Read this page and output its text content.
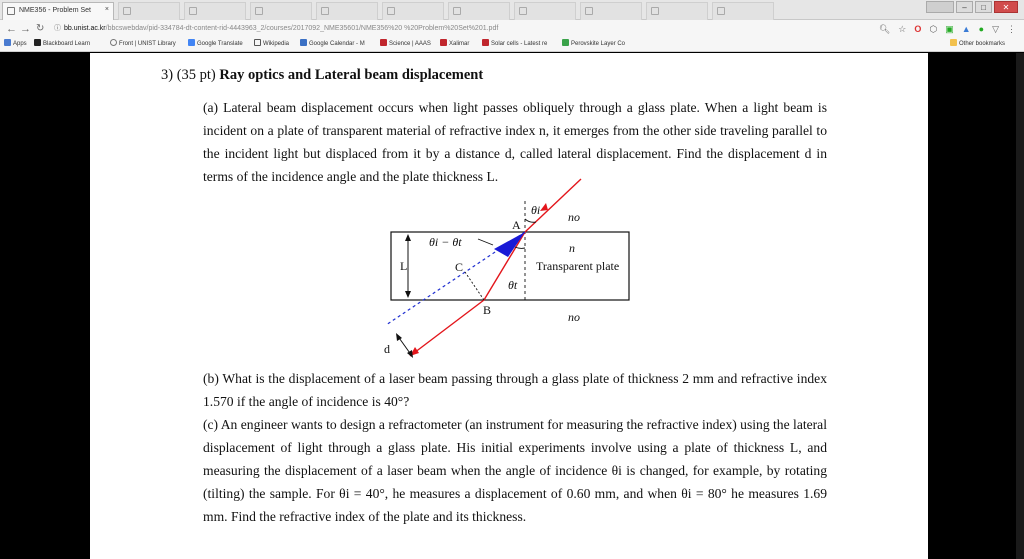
NME356 - Problem Set ×	–	□	✕
← → ↻ ⓘ bb.unist.ac.kr/bbcswebdav/pid-334784-dt-content-rid-4443963_2/courses/2017092_NME35601/NME356%20 %20Problem%20Set%201.pdf	🔍︎ ☆ O ⬡ ▣ ▲ ● ▽ ⋮
Apps	Blackboard Learn	Front | UNIST Library	Google Translate	Wikipedia	Google Calendar - M	Science | AAAS	Xalimar	Solar cells - Latest re	Perovskite Layer Co	Other bookmarks
3) (35 pt) Ray optics and Lateral beam displacement

(a) Lateral beam displacement occurs when light passes obliquely through a glass plate. When a light beam is incident on a plate of transparent material of refractive index n, it emerges from the other side traveling parallel to the incident light but displaced from it by a distance d, called lateral displacement. Find the displacement d in terms of the incidence angle and the plate thickness L.

A
B
C
L
d
θi
θt
θi − θt
no
n
Transparent plate
no

(b) What is the displacement of a laser beam passing through a glass plate of thickness 2 mm and refractive index 1.570 if the angle of incidence is 40°?

(c) An engineer wants to design a refractometer (an instrument for measuring the refractive index) using the lateral displacement of light through a glass plate. His initial experiments involve using a plate of thickness L, and measuring the displacement of a laser beam when the angle of incidence θi is changed, for example, by rotating (tilting) the sample. For θi = 40°, he measures a displacement of 0.60 mm, and when θi = 80° he measures 1.69 mm. Find the refractive index of the plate and its thickness.
